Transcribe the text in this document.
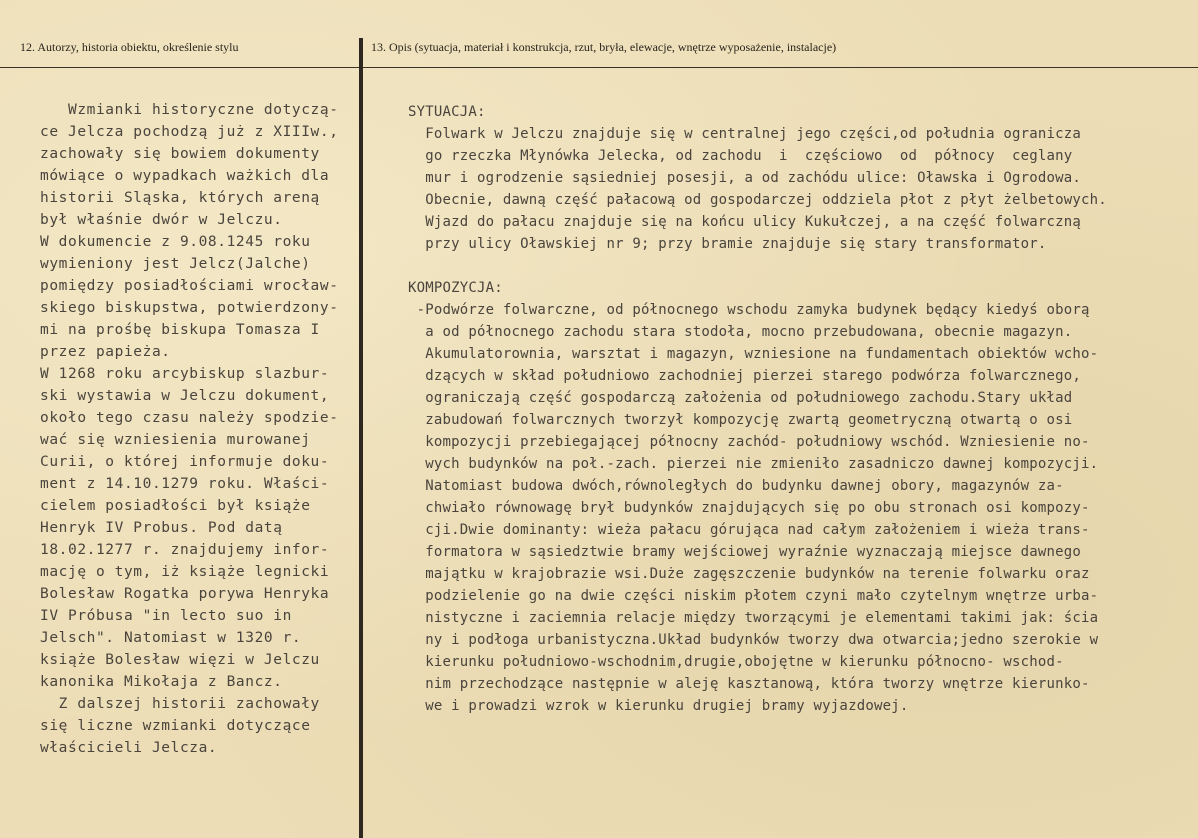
12. Autorzy, historia obiektu, określenie stylu	13. Opis (sytuacja, materiał i konstrukcja, rzut, bryła, elewacje, wnętrze wyposażenie, instalacje)
Wzmianki historyczne dotyczą-
ce Jelcza pochodzą już z XIIIw.,
zachowały się bowiem dokumenty
mówiące o wypadkach ważkich dla
historii Sląska, których areną
był właśnie dwór w Jelczu.
W dokumencie z 9.08.1245 roku
wymieniony jest Jelcz(Jalche)
pomiędzy posiadłościami wrocław-
skiego biskupstwa, potwierdzony-
mi na prośbę biskupa Tomasza I
przez papieża.
W 1268 roku arcybiskup slazbur-
ski wystawia w Jelczu dokument,
około tego czasu należy spodzie-
wać się wzniesienia murowanej
Curii, o której informuje doku-
ment z 14.10.1279 roku. Właści-
cielem posiadłości był książe
Henryk IV Probus. Pod datą
18.02.1277 r. znajdujemy infor-
mację o tym, iż książe legnicki
Bolesław Rogatka porywa Henryka
IV Próbusa "in lecto suo in
Jelsch". Natomiast w 1320 r.
książe Bolesław więzi w Jelczu
kanonika Mikołaja z Bancz.
Z dalszej historii zachowały
się liczne wzmianki dotyczące
właścicieli Jelcza.
SYTUACJA:
Folwark w Jelczu znajduje się w centralnej jego części,od południa ogranicza
go rzeczka Młynówka Jelecka, od zachodu  i  częściowo  od  północy  ceglany
mur i ogrodzenie sąsiedniej posesji, a od zachódu ulice: Oławska i Ogrodowa.
Obecnie, dawną część pałacową od gospodarczej oddziela płot z płyt żelbetowych.
Wjazd do pałacu znajduje się na końcu ulicy Kukułczej, a na część folwarczną
przy ulicy Oławskiej nr 9; przy bramie znajduje się stary transformator.
KOMPOZYCJA:
-Podwórze folwarczne, od północnego wschodu zamyka budynek będący kiedyś oborą
a od północnego zachodu stara stodoła, mocno przebudowana, obecnie magazyn.
Akumulatorownia, warsztat i magazyn, wzniesione na fundamentach obiektów wcho-
dzących w skład południowo zachodniej pierzei starego podwórza folwarcznego,
ograniczają część gospodarczą założenia od południowego zachodu.Stary układ
zabudowań folwarcznych tworzył kompozycję zwartą geometryczną otwartą o osi
kompozycji przebiegającej północny zachód- południowy wschód. Wzniesienie no-
wych budynków na poł.-zach. pierzei nie zmieniło zasadniczo dawnej kompozycji.
Natomiast budowa dwóch,równoległych do budynku dawnej obory, magazynów za-
chwiało równowagę brył budynków znajdujących się po obu stronach osi kompozy-
cji.Dwie dominanty: wieża pałacu górująca nad całym założeniem i wieża trans-
formatora w sąsiedztwie bramy wejściowej wyraźnie wyznaczają miejsce dawnego
majątku w krajobrazie wsi.Duże zagęszczenie budynków na terenie folwarku oraz
podzielenie go na dwie części niskim płotem czyni mało czytelnym wnętrze urba-
nistyczne i zaciemnia relacje między tworzącymi je elementami takimi jak: ścia
ny i podłoga urbanistyczna.Układ budynków tworzy dwa otwarcia;jedno szerokie w
kierunku południowo-wschodnim,drugie,obojętne w kierunku północno- wschod-
nim przechodzące następnie w aleję kasztanową, która tworzy wnętrze kierunko-
we i prowadzi wzrok w kierunku drugiej bramy wyjazdowej.
